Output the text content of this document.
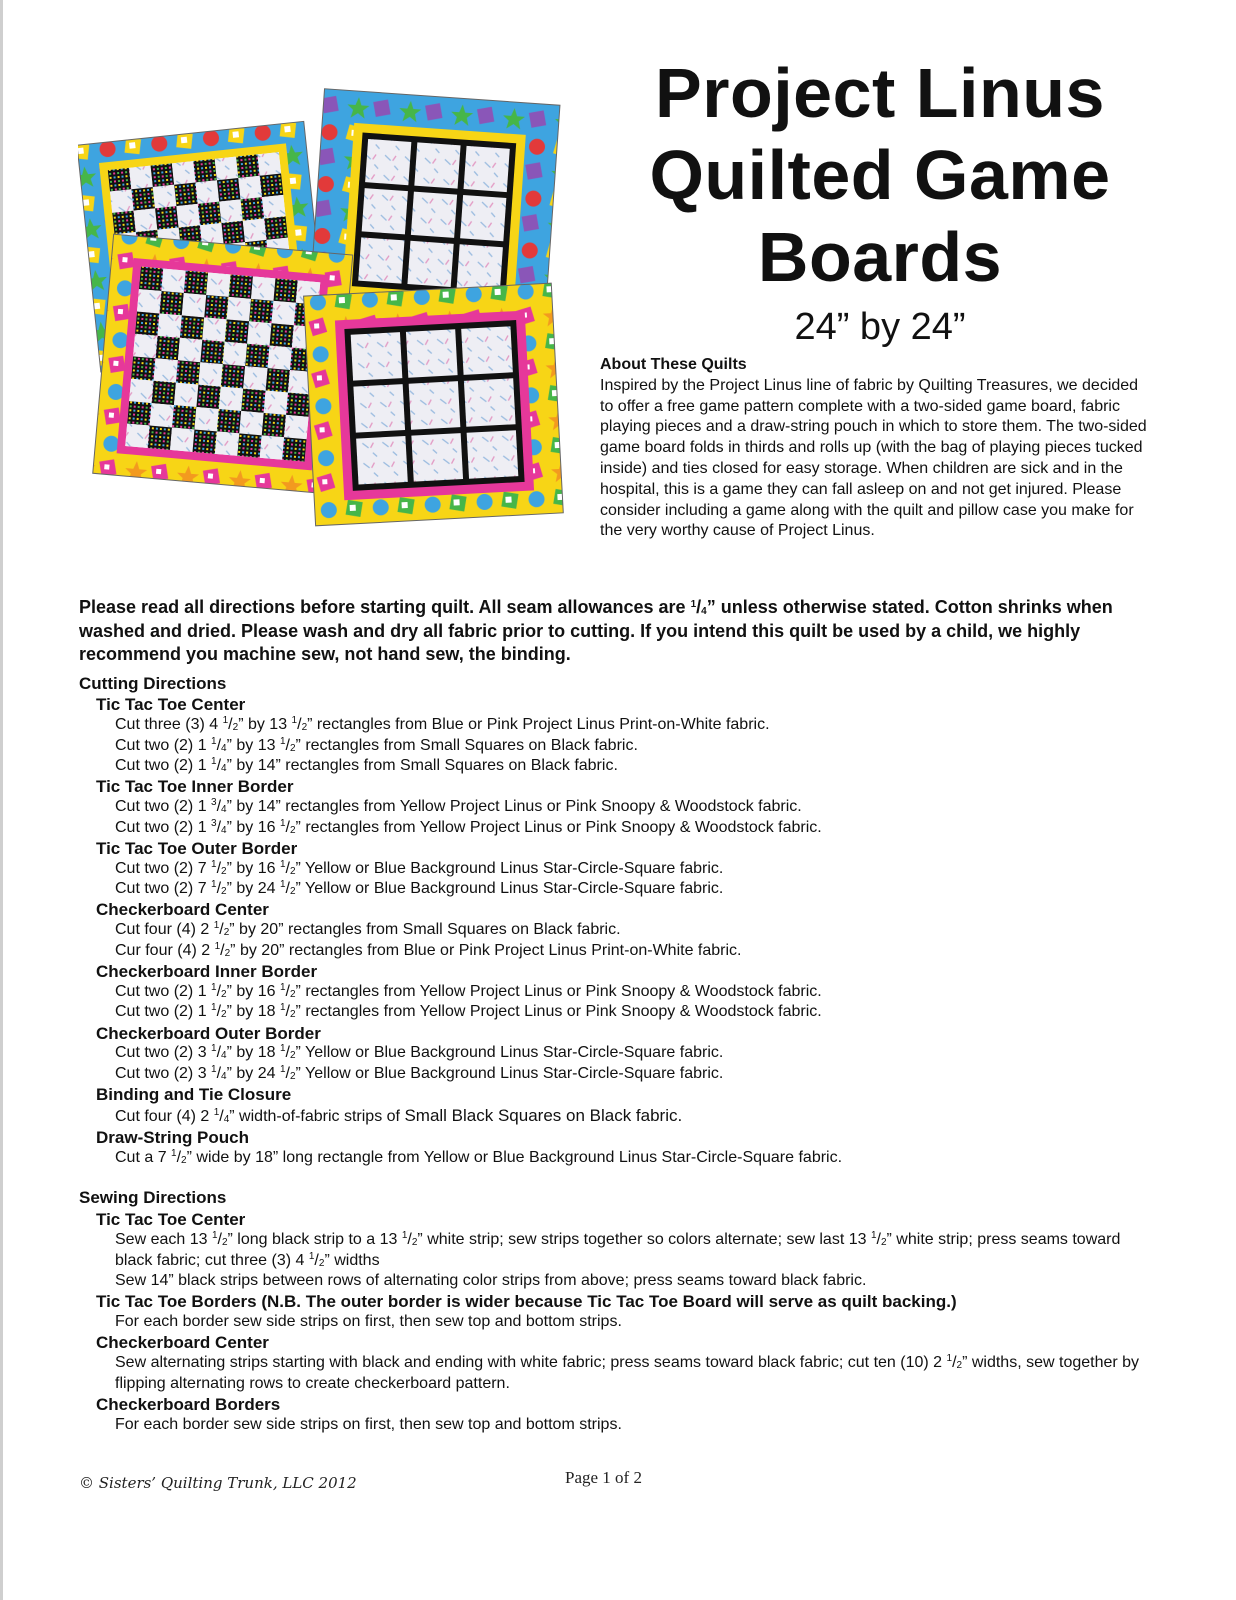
Project Linus
Quilted Game
Boards
24” by 24”
About These Quilts
Inspired by the Project Linus line of fabric by Quilting Treasures, we decided to offer a free game pattern complete with a two-sided game board, fabric playing pieces and a draw-string pouch in which to store them. The two-sided game board folds in thirds and rolls up (with the bag of playing pieces tucked inside) and ties closed for easy storage. When children are sick and in the hospital, this is a game they can fall asleep on and not get injured. Please consider including a game along with the quilt and pillow case you make for the very worthy cause of Project Linus.
Please read all directions before starting quilt. All seam allowances are $^1/_4$” unless otherwise stated. Cotton shrinks when washed and dried. Please wash and dry all fabric prior to cutting. If you intend this quilt be used by a child, we highly recommend you machine sew, not hand sew, the binding.
Cutting Directions
Tic Tac Toe Center
Cut three (3) 4 $^1/_2$” by 13 $^1/_2$” rectangles from Blue or Pink Project Linus Print-on-White fabric.
Cut two (2) 1 $^1/_4$” by 13 $^1/_2$” rectangles from Small Squares on Black fabric.
Cut two (2) 1 $^1/_4$” by 14” rectangles from Small Squares on Black fabric.
Tic Tac Toe Inner Border
Cut two (2) 1 $^3/_4$” by 14” rectangles from Yellow Project Linus or Pink Snoopy & Woodstock fabric.
Cut two (2) 1 $^3/_4$” by 16 $^1/_2$” rectangles from Yellow Project Linus or Pink Snoopy & Woodstock fabric.
Tic Tac Toe Outer Border
Cut two (2) 7 $^1/_2$” by 16 $^1/_2$” Yellow or Blue Background Linus Star-Circle-Square fabric.
Cut two (2) 7 $^1/_2$” by 24 $^1/_2$” Yellow or Blue Background Linus Star-Circle-Square fabric.
Checkerboard Center
Cut four (4) 2 $^1/_2$” by 20” rectangles from Small Squares on Black fabric.
Cur four (4) 2 $^1/_2$” by 20” rectangles from Blue or Pink Project Linus Print-on-White fabric.
Checkerboard Inner Border
Cut two (2) 1 $^1/_2$” by 16 $^1/_2$” rectangles from Yellow Project Linus or Pink Snoopy & Woodstock fabric.
Cut two (2) 1 $^1/_2$” by 18 $^1/_2$” rectangles from Yellow Project Linus or Pink Snoopy & Woodstock fabric.
Checkerboard Outer Border
Cut two (2) 3 $^1/_4$” by 18 $^1/_2$” Yellow or Blue Background Linus Star-Circle-Square fabric.
Cut two (2) 3 $^1/_4$” by 24 $^1/_2$” Yellow or Blue Background Linus Star-Circle-Square fabric.
Binding and Tie Closure
Cut four (4) 2 $^1/_4$” width-of-fabric strips of Small Black Squares on Black fabric.
Draw-String Pouch
Cut a 7 $^1/_2$” wide by 18” long rectangle from Yellow or Blue Background Linus Star-Circle-Square fabric.
Sewing Directions
Tic Tac Toe Center
Sew each 13 $^1/_2$” long black strip to a 13 $^1/_2$” white strip; sew strips together so colors alternate; sew last 13 $^1/_2$” white strip; press seams toward black fabric; cut three (3) 4 $^1/_2$” widths
Sew 14” black strips between rows of alternating color strips from above; press seams toward black fabric.
Tic Tac Toe Borders (N.B. The outer border is wider because Tic Tac Toe Board will serve as quilt backing.)
For each border sew side strips on first, then sew top and bottom strips.
Checkerboard Center
Sew alternating strips starting with black and ending with white fabric; press seams toward black fabric; cut ten (10) 2 $^1/_2$” widths, sew together by flipping alternating rows to create checkerboard pattern.
Checkerboard Borders
For each border sew side strips on first, then sew top and bottom strips.
© Sisters’ Quilting Trunk, LLC 2012	Page 1 of 2
